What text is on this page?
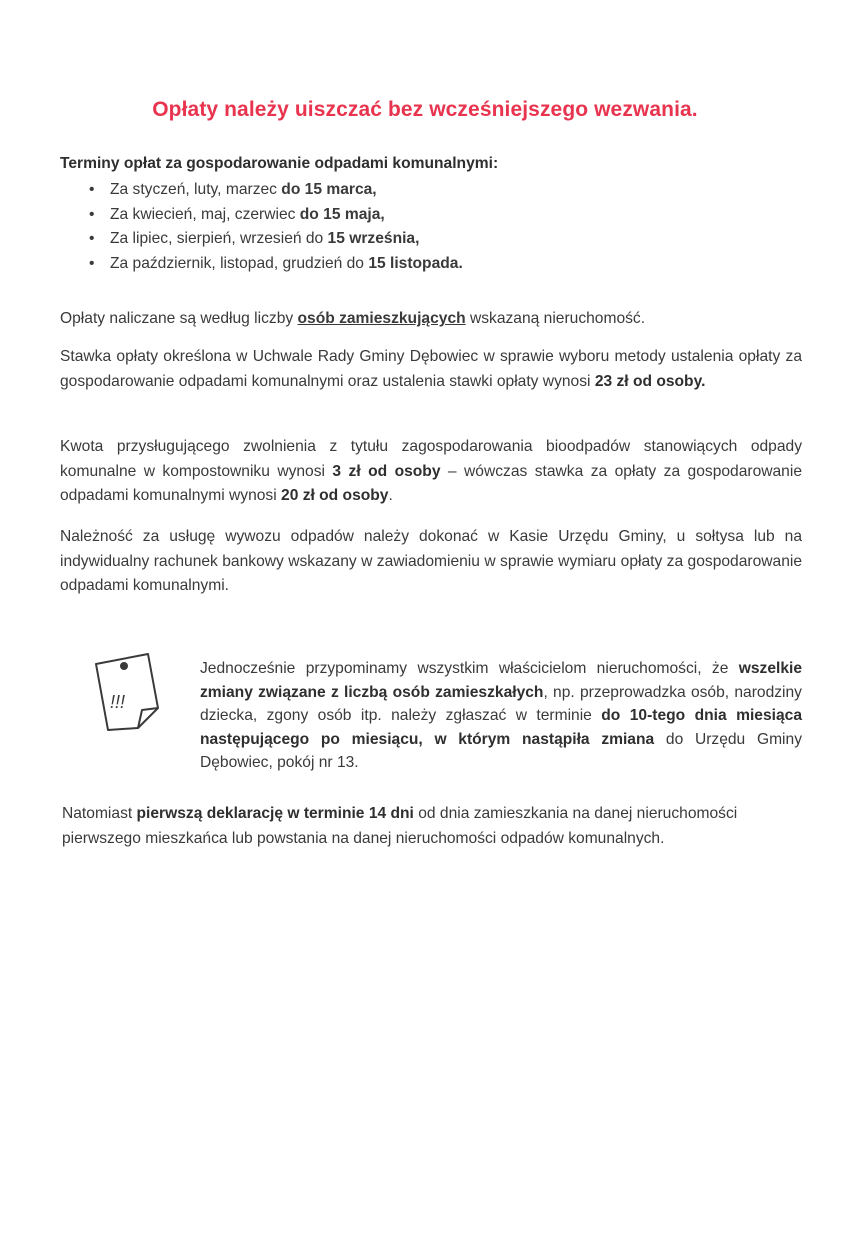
Opłaty należy uiszczać bez wcześniejszego wezwania.

Terminy opłat za gospodarowanie odpadami komunalnymi:

• Za styczeń, luty, marzec do 15 marca,
• Za kwiecień, maj, czerwiec do 15 maja,
• Za lipiec, sierpień, wrzesień do 15 września,
• Za październik, listopad, grudzień do 15 listopada.

Opłaty naliczane są według liczby osób zamieszkujących wskazaną nieruchomość.

Stawka opłaty określona w Uchwale Rady Gminy Dębowiec w sprawie wyboru metody ustalenia opłaty za gospodarowanie odpadami komunalnymi oraz ustalenia stawki opłaty wynosi 23 zł od osoby.

Kwota przysługującego zwolnienia z tytułu zagospodarowania bioodpadów stanowiących odpady komunalne w kompostowniku wynosi 3 zł od osoby – wówczas stawka za opłaty za gospodarowanie odpadami komunalnymi wynosi 20 zł od osoby.

Należność za usługę wywozu odpadów należy dokonać w Kasie Urzędu Gminy, u sołtysa lub na indywidualny rachunek bankowy wskazany w zawiadomieniu w sprawie wymiaru opłaty za gospodarowanie odpadami komunalnymi.

!!!

Jednocześnie przypominamy wszystkim właścicielom nieruchomości, że wszelkie zmiany związane z liczbą osób zamieszkałych, np. przeprowadzka osób, narodziny dziecka, zgony osób itp. należy zgłaszać w terminie do 10-tego dnia miesiąca następującego po miesiącu, w którym nastąpiła zmiana do Urzędu Gminy Dębowiec, pokój nr 13.

Natomiast pierwszą deklarację w terminie 14 dni od dnia zamieszkania na danej nieruchomości pierwszego mieszkańca lub powstania na danej nieruchomości odpadów komunalnych.
